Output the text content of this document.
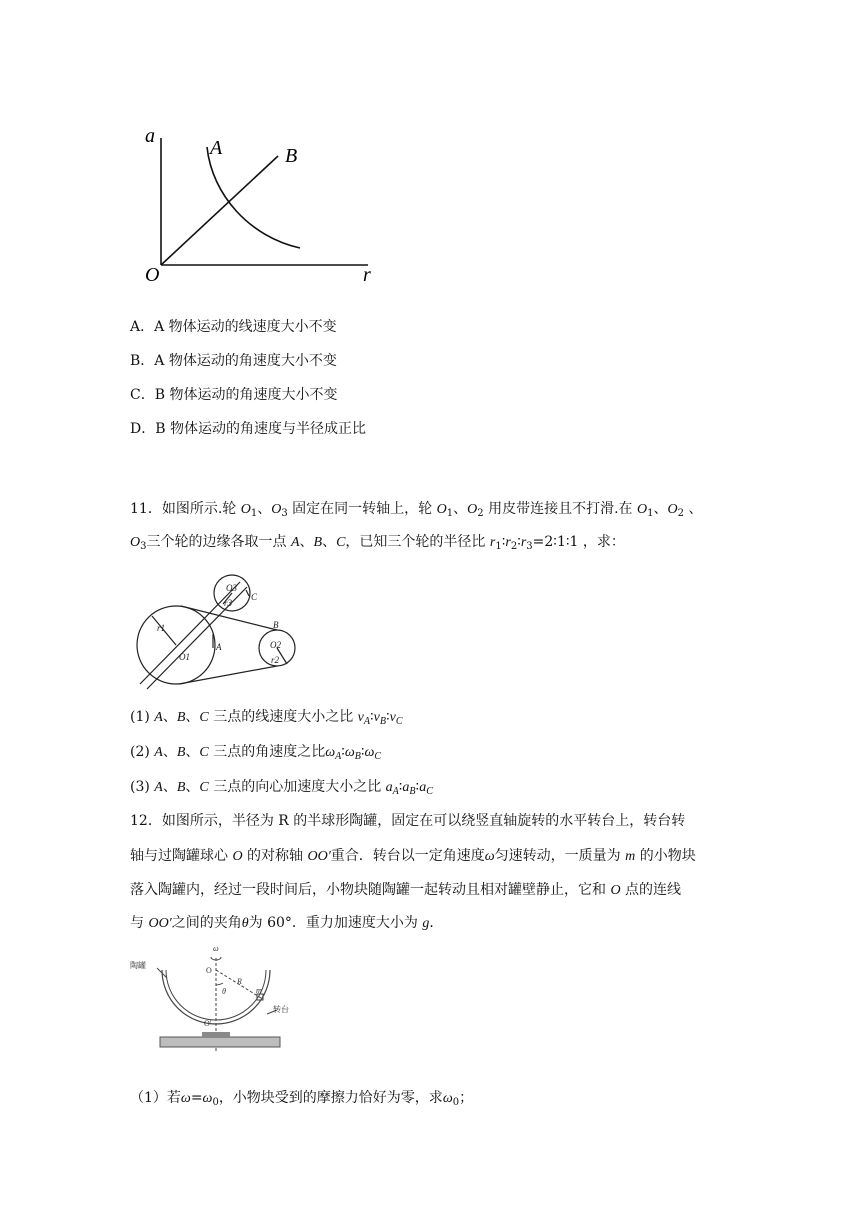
a
r
O
A	B
A．A 物体运动的线速度大小不变
B．A 物体运动的角速度大小不变
C．B 物体运动的角速度大小不变
D．B 物体运动的角速度与半径成正比
11．如图所示.轮 $O_1$、$O_3$ 固定在同一转轴上，轮 $O_1$、$O_2$ 用皮带连接且不打滑.在 $O_1$、$O_2$ 、
$O_3$三个轮的边缘各取一点 A、B、C，已知三个轮的半径比 $r_1∶r_2∶r_3=2∶1∶1$ ，求：
O1
O2
O3
r1
r2
r3
A
B
C
(1) A、B、C 三点的线速度大小之比 $v_A∶v_B∶v_C$
(2) A、B、C 三点的角速度之比$\omega_A∶\omega_B∶\omega_C$
(3) A、B、C 三点的向心加速度大小之比 $a_A∶a_B∶a_C$
12．如图所示，半径为 R 的半球形陶罐，固定在可以绕竖直轴旋转的水平转台上，转台转
轴与过陶罐球心 O 的对称轴 OO′重合．转台以一定角速度ω匀速转动，一质量为 m 的小物块
落入陶罐内，经过一段时间后，小物块随陶罐一起转动且相对罐壁静止，它和 O 点的连线
与 OO′之间的夹角θ为 60°．重力加速度大小为 g．
ω
O
O′
R
m
θ
陶罐
转台
（1）若$\omega=\omega_0$，小物块受到的摩擦力恰好为零，求$\omega_0$；
